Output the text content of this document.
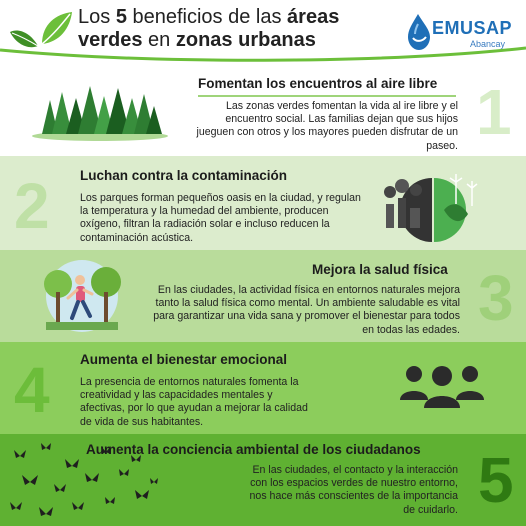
Los 5 beneficios de las áreas
verdes en zonas urbanas
EMUSAP
Abancay
Fomentan los encuentros al aire libre
Las zonas verdes fomentan la vida al ire libre y el encuentro social. Las familias dejan que sus hijos jueguen con otros y los mayores pueden disfrutar de un paseo. 1
2 Luchan contra la contaminación
Los parques forman pequeños oasis en la ciudad, y regulan la temperatura y la humedad del ambiente, producen oxígeno, filtran la radiación solar e incluso reducen la contaminación acústica.
Mejora la salud física
En las ciudades, la actividad física en entornos naturales mejora tanto la salud física como mental. Un ambiente saludable es vital para garantizar una vida sana y promover el bienestar para todos en todas las edades. 3
4 Aumenta el bienestar emocional
La presencia de entornos naturales fomenta la creatividad y las capacidades mentales y afectivas, por lo que ayudan a mejorar la calidad de vida de sus habitantes.
Aumenta la conciencia ambiental de los ciudadanos
En las ciudades, el contacto y la interacción con los espacios verdes de nuestro entorno, nos hace más conscientes de la importancia de cuidarlo. 5
